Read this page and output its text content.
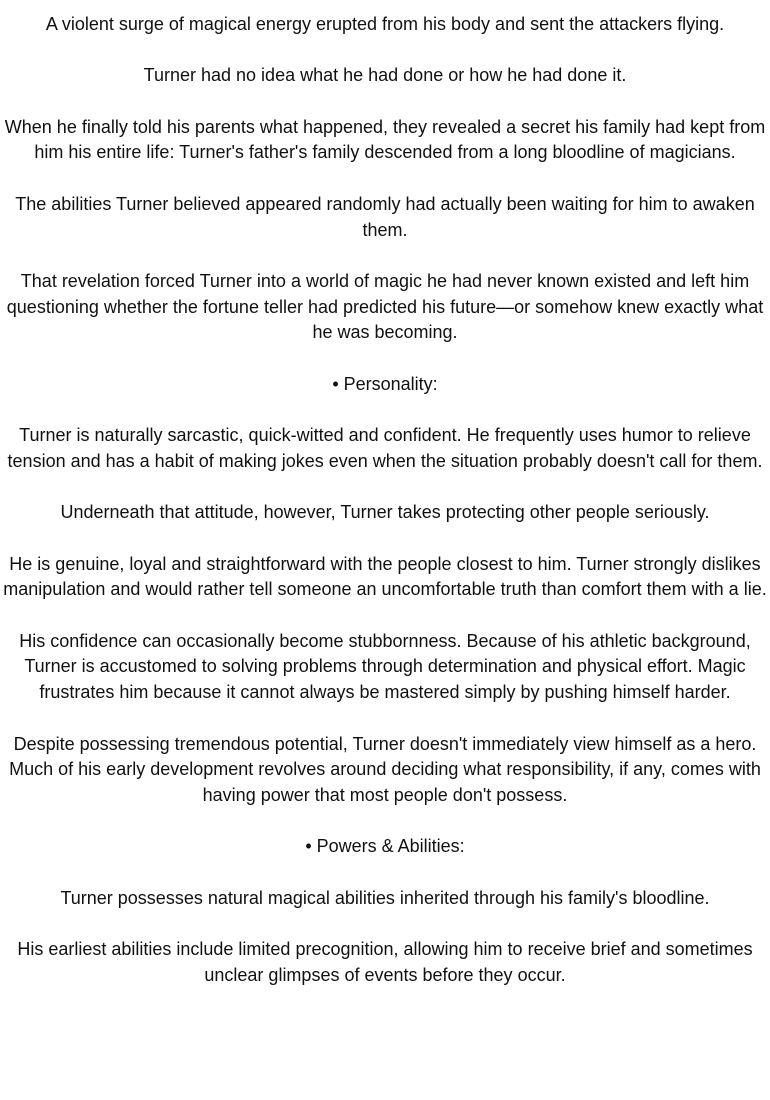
A violent surge of magical energy erupted from his body and sent the attackers flying.

Turner had no idea what he had done or how he had done it.

When he finally told his parents what happened, they revealed a secret his family had kept from him his entire life: Turner's father's family descended from a long bloodline of magicians.

The abilities Turner believed appeared randomly had actually been waiting for him to awaken them.

That revelation forced Turner into a world of magic he had never known existed and left him questioning whether the fortune teller had predicted his future—or somehow knew exactly what he was becoming.

• Personality:

Turner is naturally sarcastic, quick-witted and confident. He frequently uses humor to relieve tension and has a habit of making jokes even when the situation probably doesn't call for them.

Underneath that attitude, however, Turner takes protecting other people seriously.

He is genuine, loyal and straightforward with the people closest to him. Turner strongly dislikes manipulation and would rather tell someone an uncomfortable truth than comfort them with a lie.

His confidence can occasionally become stubbornness. Because of his athletic background, Turner is accustomed to solving problems through determination and physical effort. Magic frustrates him because it cannot always be mastered simply by pushing himself harder.

Despite possessing tremendous potential, Turner doesn't immediately view himself as a hero. Much of his early development revolves around deciding what responsibility, if any, comes with having power that most people don't possess.

• Powers & Abilities:

Turner possesses natural magical abilities inherited through his family's bloodline.

His earliest abilities include limited precognition, allowing him to receive brief and sometimes unclear glimpses of events before they occur.
